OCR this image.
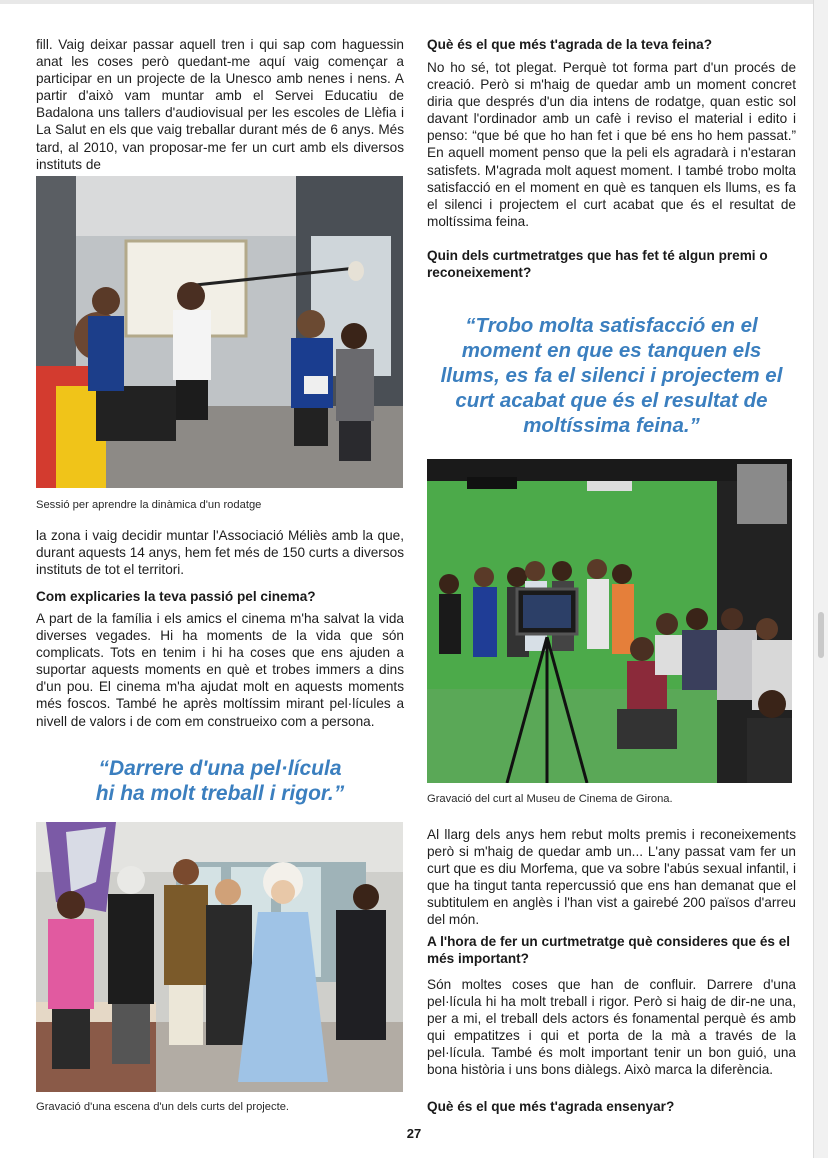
fill. Vaig deixar passar aquell tren i qui sap com haguessin anat les coses però quedant-me aquí vaig començar a participar en un projecte de la Unesco amb nenes i nens. A partir d'això vam muntar amb el Servei Educatiu de Badalona uns tallers d'audiovisual per les escoles de Llèfia i La Salut en els que vaig treballar durant més de 6 anys. Més tard, al 2010, van proposar-me fer un curt amb els diversos instituts de

Sessió per aprendre la dinàmica d'un rodatge

la zona i vaig decidir muntar l'Associació Méliès amb la que, durant aquests 14 anys, hem fet més de 150 curts a diversos instituts de tot el territori.

Com explicaries la teva passió pel cinema?

A part de la família i els amics el cinema m'ha salvat la vida diverses vegades. Hi ha moments de la vida que són complicats. Tots en tenim i hi ha coses que ens ajuden a suportar aquests moments en què et trobes immers a dins d'un pou. El cinema m'ha ajudat molt en aquests moments més foscos. També he après moltíssim mirant pel·lícules a nivell de valors i de com em construeixo com a persona.

“Darrere d'una pel·lícula

hi ha molt treball i rigor.”

Gravació d'una escena d'un dels curts del projecte.

Què és el que més t'agrada de la teva feina?

No ho sé, tot plegat. Perquè tot forma part d'un procés de creació. Però si m'haig de quedar amb un moment concret diria que després d'un dia intens de rodatge, quan estic sol davant l'ordinador amb un cafè i reviso el material i edito i penso: “que bé que ho han fet i que bé ens ho hem passat.” En aquell moment penso que la peli els agradarà i n'estaran satisfets. M'agrada molt aquest moment. I també trobo molta satisfacció en el moment en què es tanquen els llums, es fa el silenci i projectem el curt acabat que és el resultat de moltíssima feina.

Quin dels curtmetratges que has fet té algun premi o reconeixement?

“Trobo molta satisfacció en el

moment en que es tanquen els

llums, es fa el silenci i projectem el

curt acabat que és el resultat de

moltíssima feina.”

Gravació del curt al Museu de Cinema de Girona.

Al llarg dels anys hem rebut molts premis i reconeixements però si m'haig de quedar amb un... L'any passat vam fer un curt que es diu Morfema, que va sobre l'abús sexual infantil, i que ha tingut tanta repercussió que ens han demanat que el subtitulem en anglès i l'han vist a gairebé 200 països d'arreu del món.

A l'hora de fer un curtmetratge què consideres que és el més important?

Són moltes coses que han de confluir. Darrere d'una pel·lícula hi ha molt treball i rigor. Però si haig de dir-ne una, per a mi, el treball dels actors és fonamental perquè és amb qui empatitzes i qui et porta de la mà a través de la pel·lícula. També és molt important tenir un bon guió, una bona història i uns bons diàlegs. Això marca la diferència.

Què és el que més t'agrada ensenyar?
27
